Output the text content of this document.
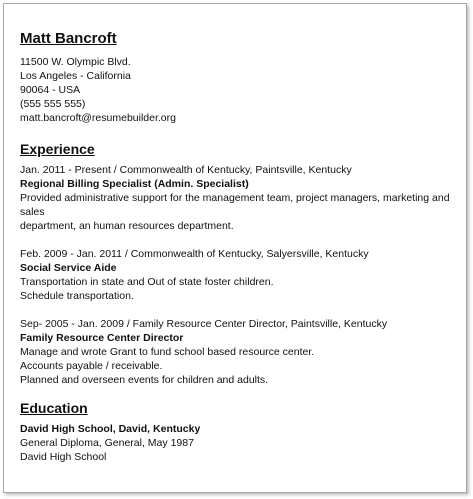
Matt Bancroft
11500 W. Olympic Blvd.
Los Angeles - California
90064 - USA
(555 555 555)
matt.bancroft@resumebuilder.org
Experience
Jan. 2011 - Present / Commonwealth of Kentucky, Paintsville, Kentucky
Regional Billing Specialist (Admin. Specialist)
Provided administrative support for the management team, project managers, marketing and sales
department, an human resources department.
Feb. 2009 - Jan. 2011 / Commonwealth of Kentucky, Salyersville, Kentucky
Social Service Aide
Transportation in state and Out of state foster children.
Schedule transportation.
Sep- 2005 - Jan. 2009 / Family Resource Center Director, Paintsville, Kentucky
Family Resource Center Director
Manage and wrote Grant to fund school based resource center.
Accounts payable / receivable.
Planned and overseen events for children and adults.
Education
David High School, David, Kentucky
General Diploma, General, May 1987
David High School
